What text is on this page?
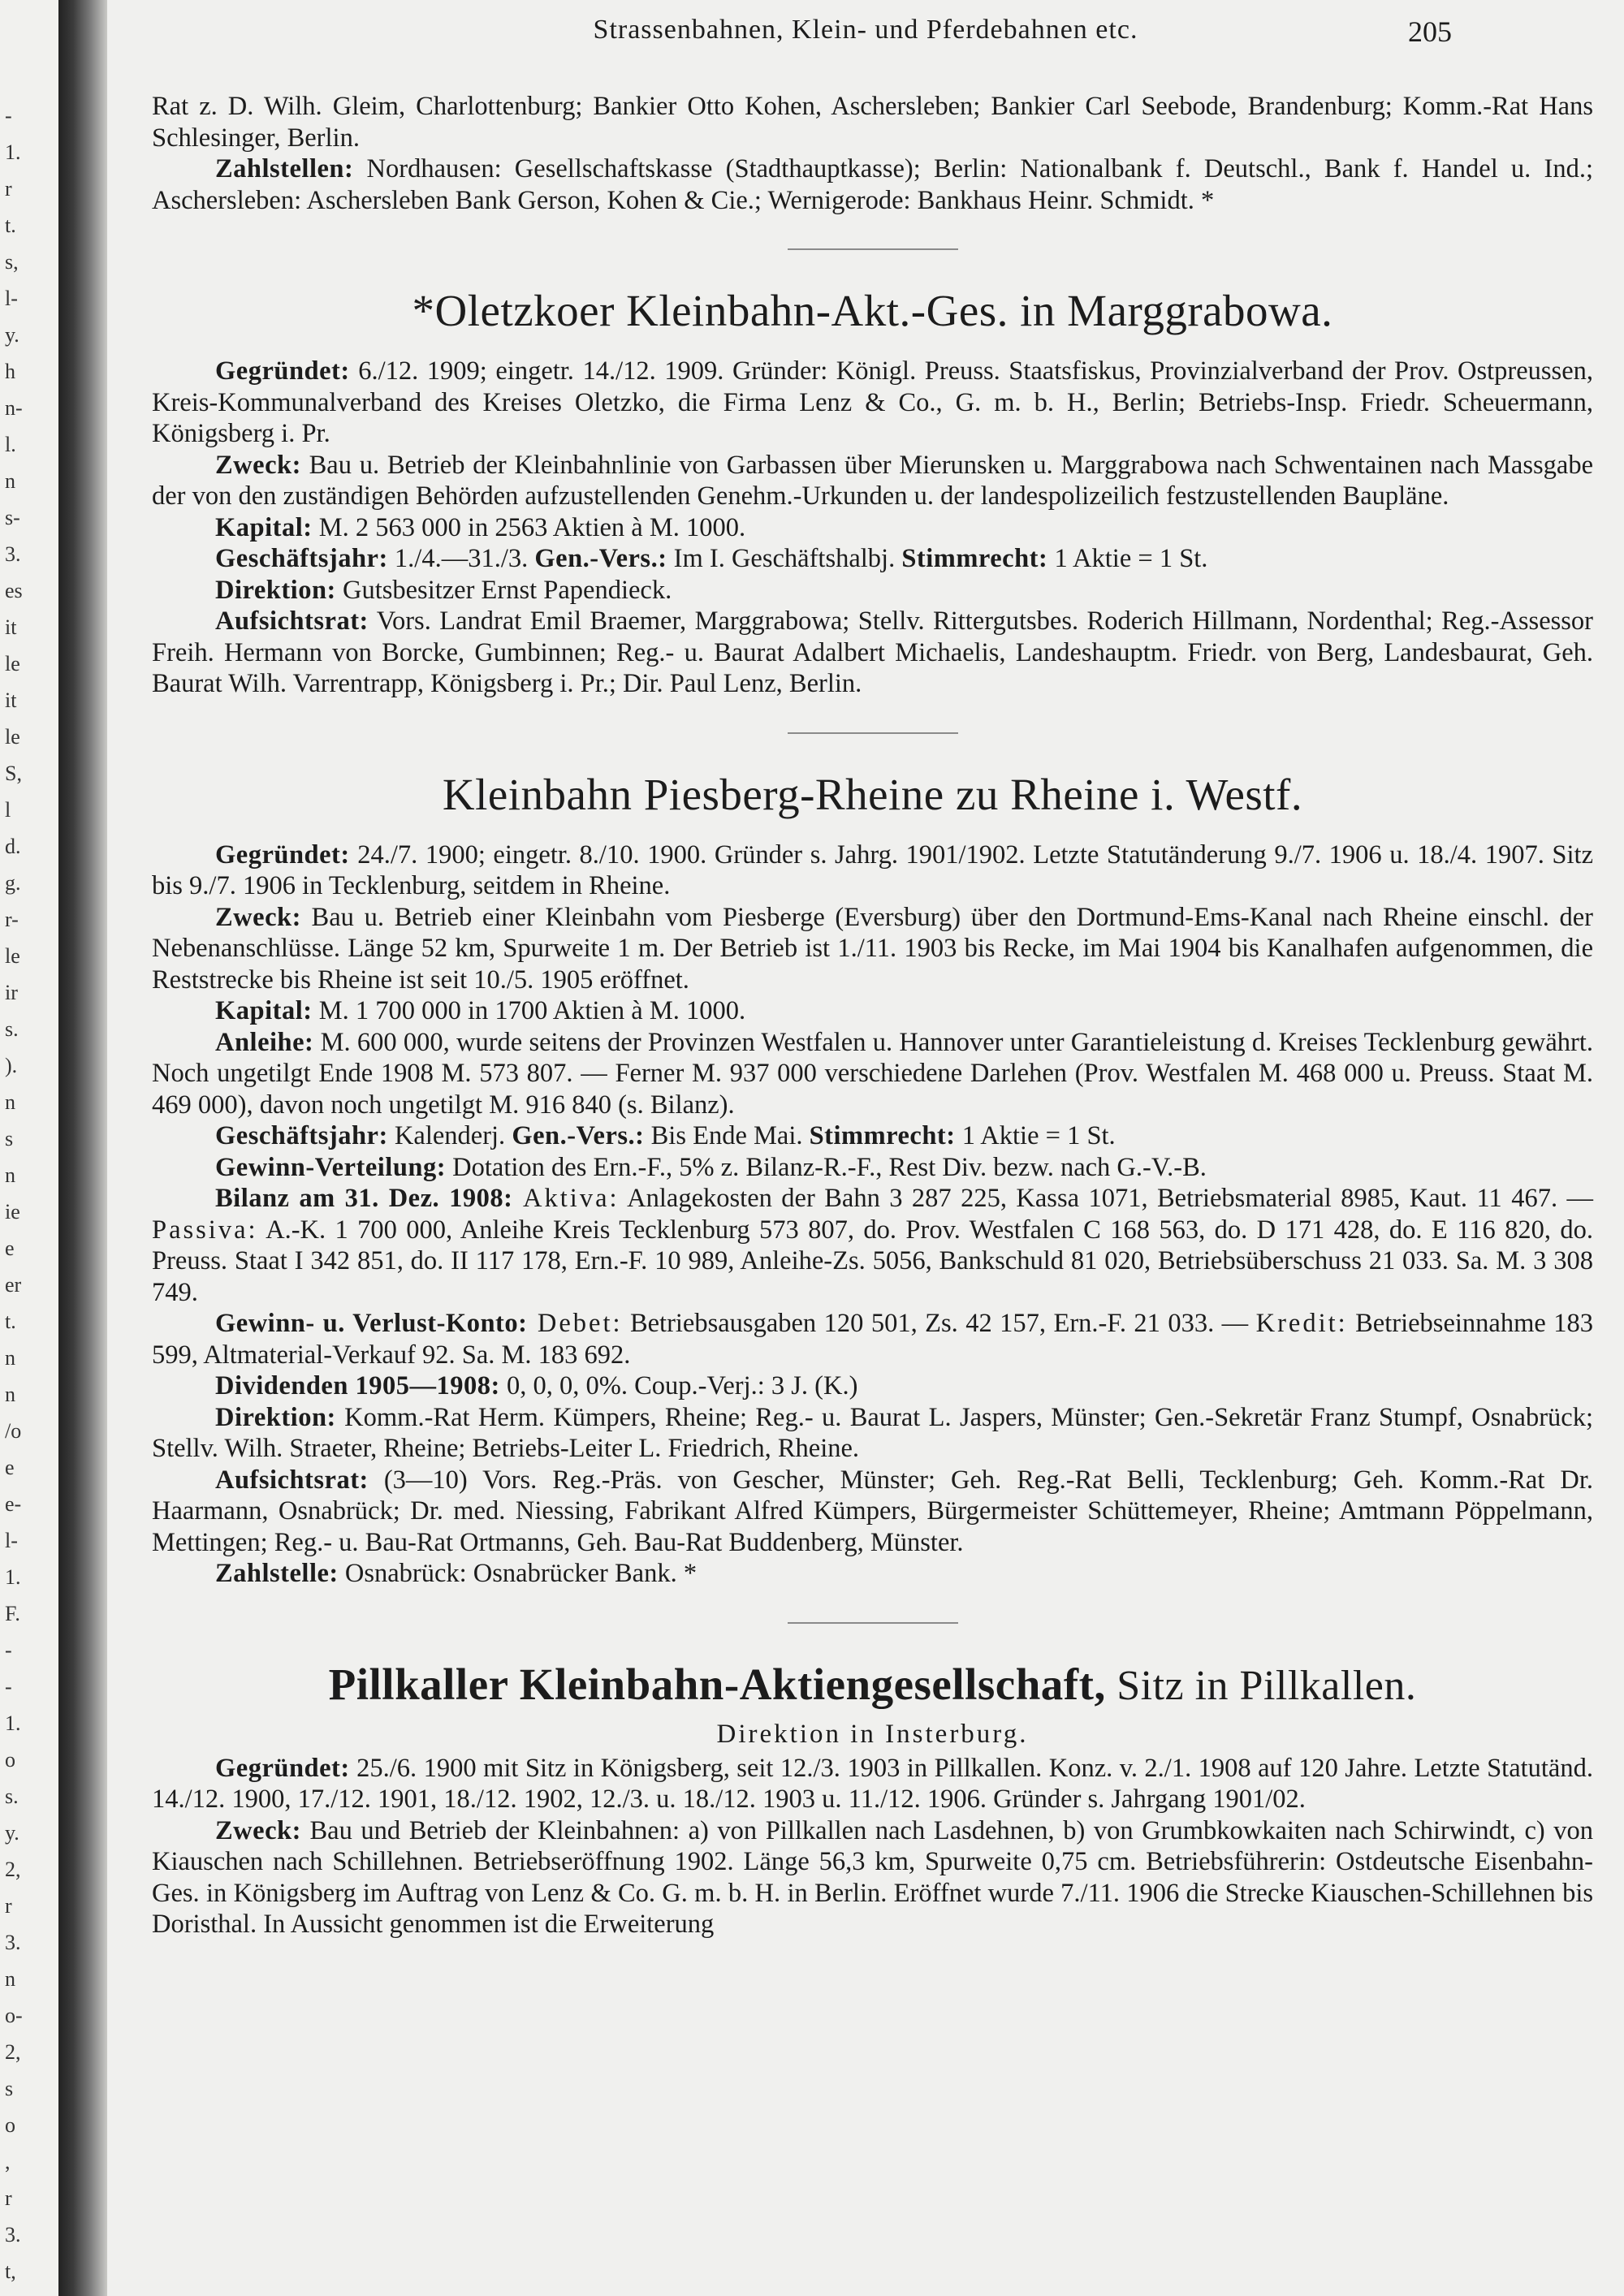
-
1.
r
t.
s,
l-
y.
h
n-
l.
n
s-
3.
es
it
le
it
le
S,
l
d.
g.
r-
le
ir
s.
).
n
s
n
ie
e
er
t.
n
n
/o
e
e-
l-
1.
F.
-
-
1.
o
s.
y.
2,
r
3.
n
o-
2,
s
o
,
r
3.
t,
Strassenbahnen, Klein- und Pferdebahnen etc.	205

Rat z. D. Wilh. Gleim, Charlottenburg; Bankier Otto Kohen, Aschersleben; Bankier Carl Seebode, Brandenburg; Komm.-Rat Hans Schlesinger, Berlin.

Zahlstellen: Nordhausen: Gesellschaftskasse (Stadthauptkasse); Berlin: Nationalbank f. Deutschl., Bank f. Handel u. Ind.; Aschersleben: Aschersleben Bank Gerson, Kohen & Cie.; Wernigerode: Bankhaus Heinr. Schmidt. *

*Oletzkoer Kleinbahn-Akt.-Ges. in Marggrabowa.

Gegründet: 6./12. 1909; eingetr. 14./12. 1909. Gründer: Königl. Preuss. Staatsfiskus, Provinzialverband der Prov. Ostpreussen, Kreis-Kommunalverband des Kreises Oletzko, die Firma Lenz & Co., G. m. b. H., Berlin; Betriebs-Insp. Friedr. Scheuermann, Königsberg i. Pr.

Zweck: Bau u. Betrieb der Kleinbahnlinie von Garbassen über Mierunsken u. Marggrabowa nach Schwentainen nach Massgabe der von den zuständigen Behörden aufzustellenden Genehm.-Urkunden u. der landespolizeilich festzustellenden Baupläne.

Kapital: M. 2 563 000 in 2563 Aktien à M. 1000.

Geschäftsjahr: 1./4.—31./3. Gen.-Vers.: Im I. Geschäftshalbj. Stimmrecht: 1 Aktie = 1 St.

Direktion: Gutsbesitzer Ernst Papendieck.

Aufsichtsrat: Vors. Landrat Emil Braemer, Marggrabowa; Stellv. Rittergutsbes. Roderich Hillmann, Nordenthal; Reg.-Assessor Freih. Hermann von Borcke, Gumbinnen; Reg.- u. Baurat Adalbert Michaelis, Landeshauptm. Friedr. von Berg, Landesbaurat, Geh. Baurat Wilh. Varrentrapp, Königsberg i. Pr.; Dir. Paul Lenz, Berlin.

Kleinbahn Piesberg-Rheine zu Rheine i. Westf.

Gegründet: 24./7. 1900; eingetr. 8./10. 1900. Gründer s. Jahrg. 1901/1902. Letzte Statutänderung 9./7. 1906 u. 18./4. 1907. Sitz bis 9./7. 1906 in Tecklenburg, seitdem in Rheine.

Zweck: Bau u. Betrieb einer Kleinbahn vom Piesberge (Eversburg) über den Dortmund-Ems-Kanal nach Rheine einschl. der Nebenanschlüsse. Länge 52 km, Spurweite 1 m. Der Betrieb ist 1./11. 1903 bis Recke, im Mai 1904 bis Kanalhafen aufgenommen, die Reststrecke bis Rheine ist seit 10./5. 1905 eröffnet.

Kapital: M. 1 700 000 in 1700 Aktien à M. 1000.

Anleihe: M. 600 000, wurde seitens der Provinzen Westfalen u. Hannover unter Garantieleistung d. Kreises Tecklenburg gewährt. Noch ungetilgt Ende 1908 M. 573 807. — Ferner M. 937 000 verschiedene Darlehen (Prov. Westfalen M. 468 000 u. Preuss. Staat M. 469 000), davon noch ungetilgt M. 916 840 (s. Bilanz).

Geschäftsjahr: Kalenderj. Gen.-Vers.: Bis Ende Mai. Stimmrecht: 1 Aktie = 1 St.

Gewinn-Verteilung: Dotation des Ern.-F., 5% z. Bilanz-R.-F., Rest Div. bezw. nach G.-V.-B.

Bilanz am 31. Dez. 1908: Aktiva: Anlagekosten der Bahn 3 287 225, Kassa 1071, Betriebsmaterial 8985, Kaut. 11 467. — Passiva: A.-K. 1 700 000, Anleihe Kreis Tecklenburg 573 807, do. Prov. Westfalen C 168 563, do. D 171 428, do. E 116 820, do. Preuss. Staat I 342 851, do. II 117 178, Ern.-F. 10 989, Anleihe-Zs. 5056, Bankschuld 81 020, Betriebsüberschuss 21 033. Sa. M. 3 308 749.

Gewinn- u. Verlust-Konto: Debet: Betriebsausgaben 120 501, Zs. 42 157, Ern.-F. 21 033. — Kredit: Betriebseinnahme 183 599, Altmaterial-Verkauf 92. Sa. M. 183 692.

Dividenden 1905—1908: 0, 0, 0, 0%. Coup.-Verj.: 3 J. (K.)

Direktion: Komm.-Rat Herm. Kümpers, Rheine; Reg.- u. Baurat L. Jaspers, Münster; Gen.-Sekretär Franz Stumpf, Osnabrück; Stellv. Wilh. Straeter, Rheine; Betriebs-Leiter L. Friedrich, Rheine.

Aufsichtsrat: (3—10) Vors. Reg.-Präs. von Gescher, Münster; Geh. Reg.-Rat Belli, Tecklenburg; Geh. Komm.-Rat Dr. Haarmann, Osnabrück; Dr. med. Niessing, Fabrikant Alfred Kümpers, Bürgermeister Schüttemeyer, Rheine; Amtmann Pöppelmann, Mettingen; Reg.- u. Bau-Rat Ortmanns, Geh. Bau-Rat Buddenberg, Münster.

Zahlstelle: Osnabrück: Osnabrücker Bank. *

Pillkaller Kleinbahn-Aktiengesellschaft, Sitz in Pillkallen.
Direktion in Insterburg.

Gegründet: 25./6. 1900 mit Sitz in Königsberg, seit 12./3. 1903 in Pillkallen. Konz. v. 2./1. 1908 auf 120 Jahre. Letzte Statutänd. 14./12. 1900, 17./12. 1901, 18./12. 1902, 12./3. u. 18./12. 1903 u. 11./12. 1906. Gründer s. Jahrgang 1901/02.

Zweck: Bau und Betrieb der Kleinbahnen: a) von Pillkallen nach Lasdehnen, b) von Grumbkowkaiten nach Schirwindt, c) von Kiauschen nach Schillehnen. Betriebseröffnung 1902. Länge 56,3 km, Spurweite 0,75 cm. Betriebsführerin: Ostdeutsche Eisenbahn-Ges. in Königsberg im Auftrag von Lenz & Co. G. m. b. H. in Berlin. Eröffnet wurde 7./11. 1906 die Strecke Kiauschen-Schillehnen bis Doristhal. In Aussicht genommen ist die Erweiterung
